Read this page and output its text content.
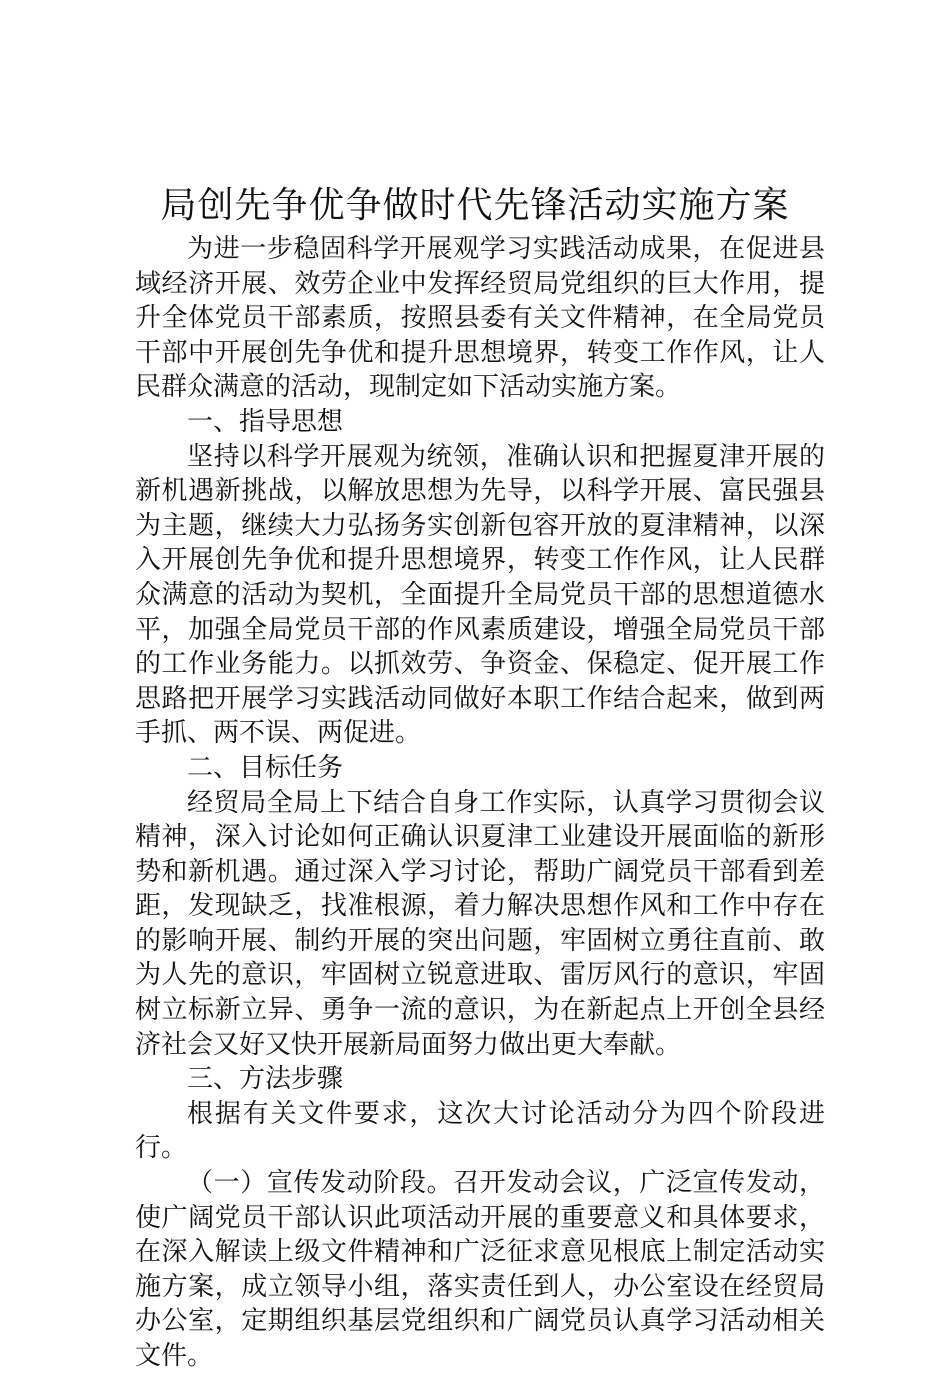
局创先争优争做时代先锋活动实施方案

为进一步稳固科学开展观学习实践活动成果，在促进县域经济开展、效劳企业中发挥经贸局党组织的巨大作用，提升全体党员干部素质，按照县委有关文件精神，在全局党员干部中开展创先争优和提升思想境界，转变工作作风，让人民群众满意的活动，现制定如下活动实施方案。

一、指导思想

坚持以科学开展观为统领，准确认识和把握夏津开展的新机遇新挑战，以解放思想为先导，以科学开展、富民强县为主题，继续大力弘扬务实创新包容开放的夏津精神，以深入开展创先争优和提升思想境界，转变工作作风，让人民群众满意的活动为契机，全面提升全局党员干部的思想道德水平，加强全局党员干部的作风素质建设，增强全局党员干部的工作业务能力。以抓效劳、争资金、保稳定、促开展工作思路把开展学习实践活动同做好本职工作结合起来，做到两手抓、两不误、两促进。

二、目标任务

经贸局全局上下结合自身工作实际，认真学习贯彻会议精神，深入讨论如何正确认识夏津工业建设开展面临的新形势和新机遇。通过深入学习讨论，帮助广阔党员干部看到差距，发现缺乏，找准根源，着力解决思想作风和工作中存在的影响开展、制约开展的突出问题，牢固树立勇往直前、敢为人先的意识，牢固树立锐意进取、雷厉风行的意识，牢固树立标新立异、勇争一流的意识，为在新起点上开创全县经济社会又好又快开展新局面努力做出更大奉献。

三、方法步骤

根据有关文件要求，这次大讨论活动分为四个阶段进行。

（一）宣传发动阶段。召开发动会议，广泛宣传发动，使广阔党员干部认识此项活动开展的重要意义和具体要求，在深入解读上级文件精神和广泛征求意见根底上制定活动实施方案，成立领导小组，落实责任到人，办公室设在经贸局办公室，定期组织基层党组织和广阔党员认真学习活动相关文件。
